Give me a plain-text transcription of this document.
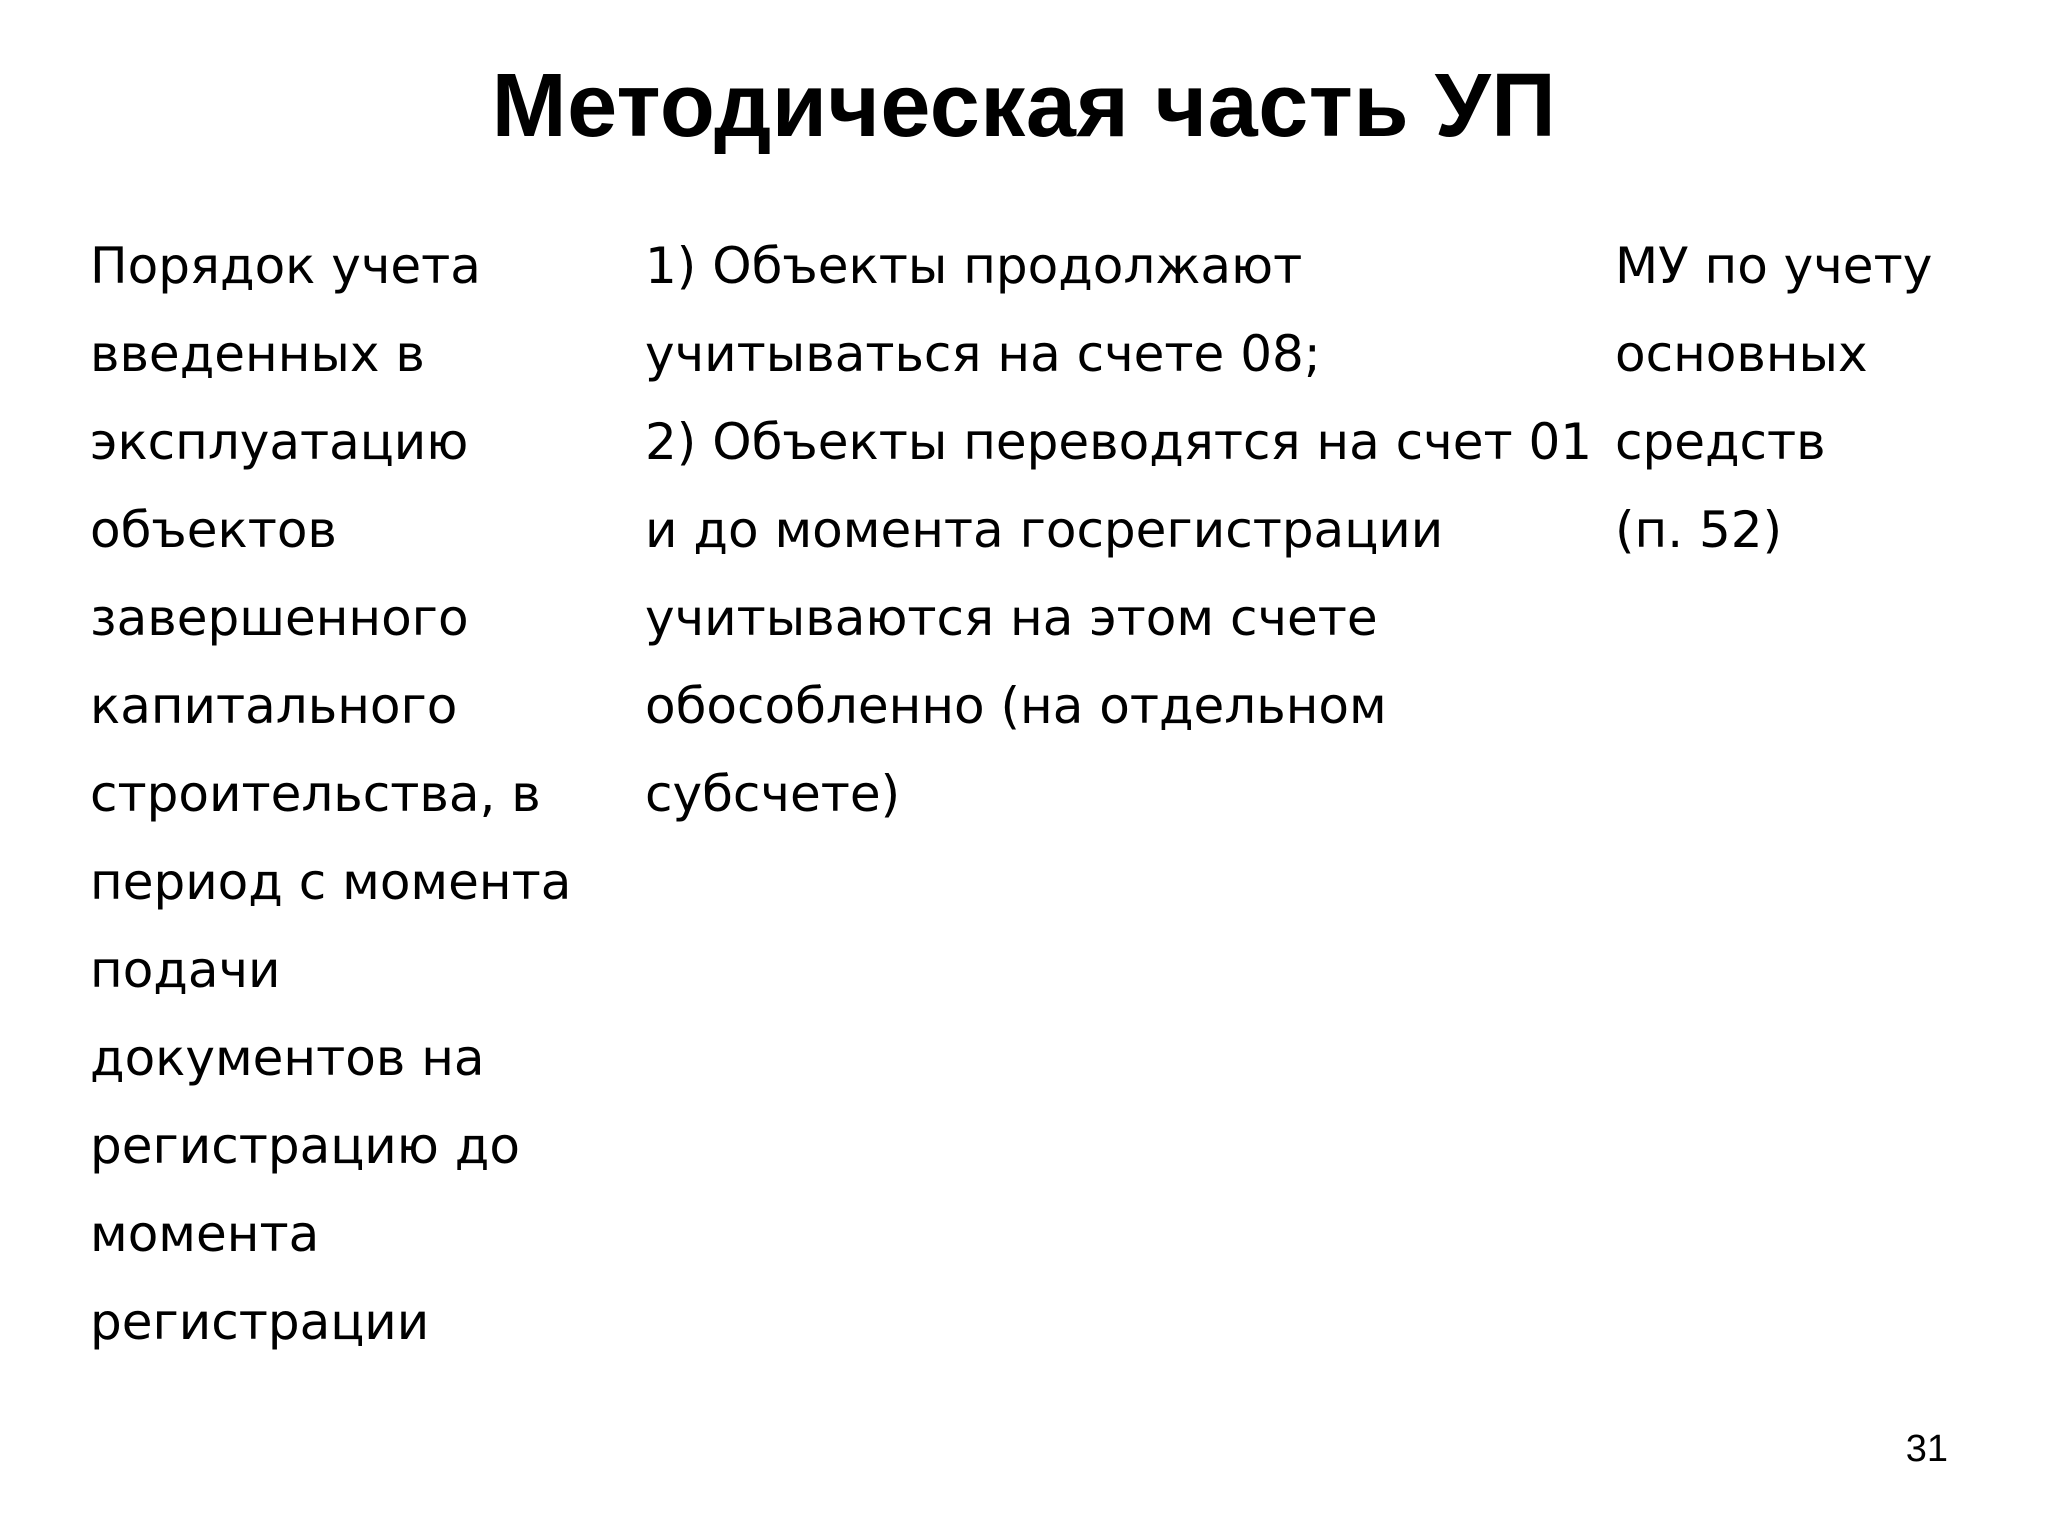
Методическая часть УП
Порядок учета
введенных в
эксплуатацию
объектов
завершенного
капитального
строительства, в
период с момента
подачи
документов на
регистрацию до
момента
регистрации
1) Объекты продолжают
учитываться на счете 08;
2) Объекты переводятся на счет 01
и до момента госрегистрации
учитываются на этом счете
обособленно (на отдельном
субсчете)
МУ по учету
основных
средств
(п. 52)
31
